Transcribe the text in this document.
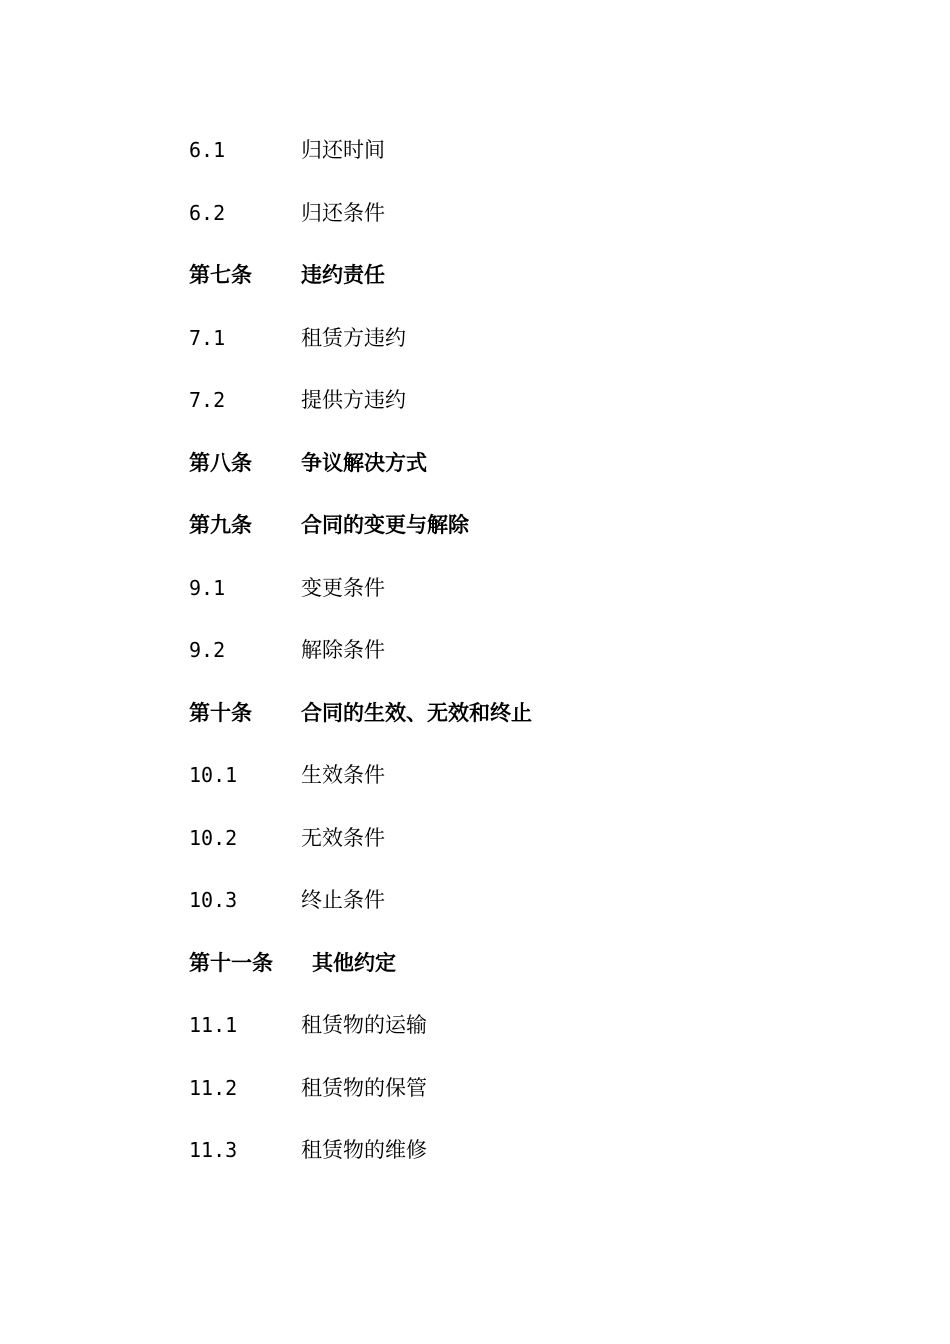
6.1	归还时间
6.2	归还条件
第七条 违约责任
7.1	租赁方违约
7.2	提供方违约
第八条 争议解决方式
第九条 合同的变更与解除
9.1	变更条件
9.2	解除条件
第十条 合同的生效、无效和终止
10.1	生效条件
10.2	无效条件
10.3	终止条件
第十一条 其他约定
11.1	租赁物的运输
11.2	租赁物的保管
11.3	租赁物的维修
